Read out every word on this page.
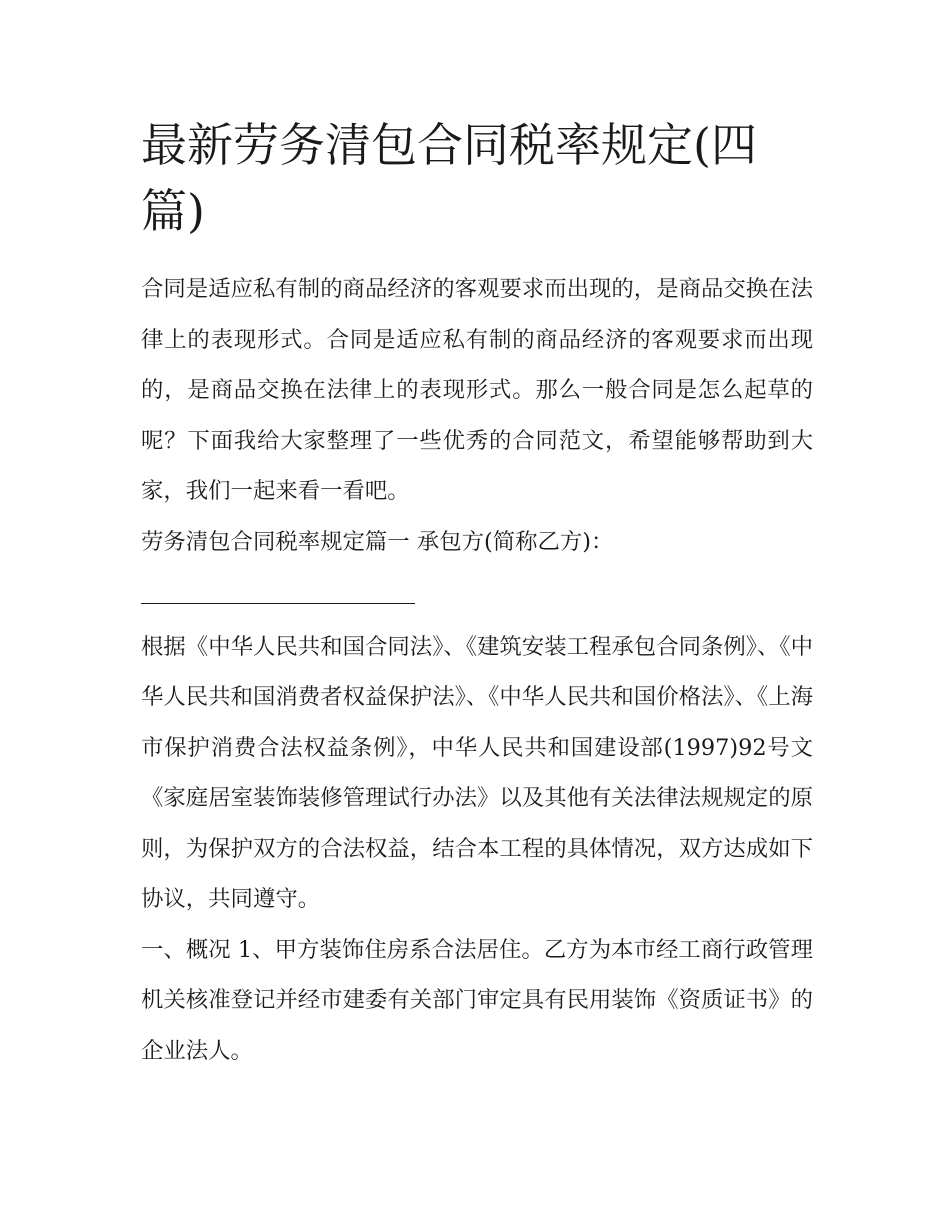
最新劳务清包合同税率规定(四篇)

合同是适应私有制的商品经济的客观要求而出现的，是商品交换在法律上的表现形式。合同是适应私有制的商品经济的客观要求而出现的，是商品交换在法律上的表现形式。那么一般合同是怎么起草的呢？下面我给大家整理了一些优秀的合同范文，希望能够帮助到大家，我们一起来看一看吧。

劳务清包合同税率规定篇一 承包方(简称乙方)：

根据《中华人民共和国合同法》、《建筑安装工程承包合同条例》、《中华人民共和国消费者权益保护法》、《中华人民共和国价格法》、《上海市保护消费合法权益条例》，中华人民共和国建设部(1997)92号文《家庭居室装饰装修管理试行办法》以及其他有关法律法规规定的原则，为保护双方的合法权益，结合本工程的具体情况，双方达成如下协议，共同遵守。

一、概况 1、甲方装饰住房系合法居住。乙方为本市经工商行政管理机关核准登记并经市建委有关部门审定具有民用装饰《资质证书》的企业法人。
